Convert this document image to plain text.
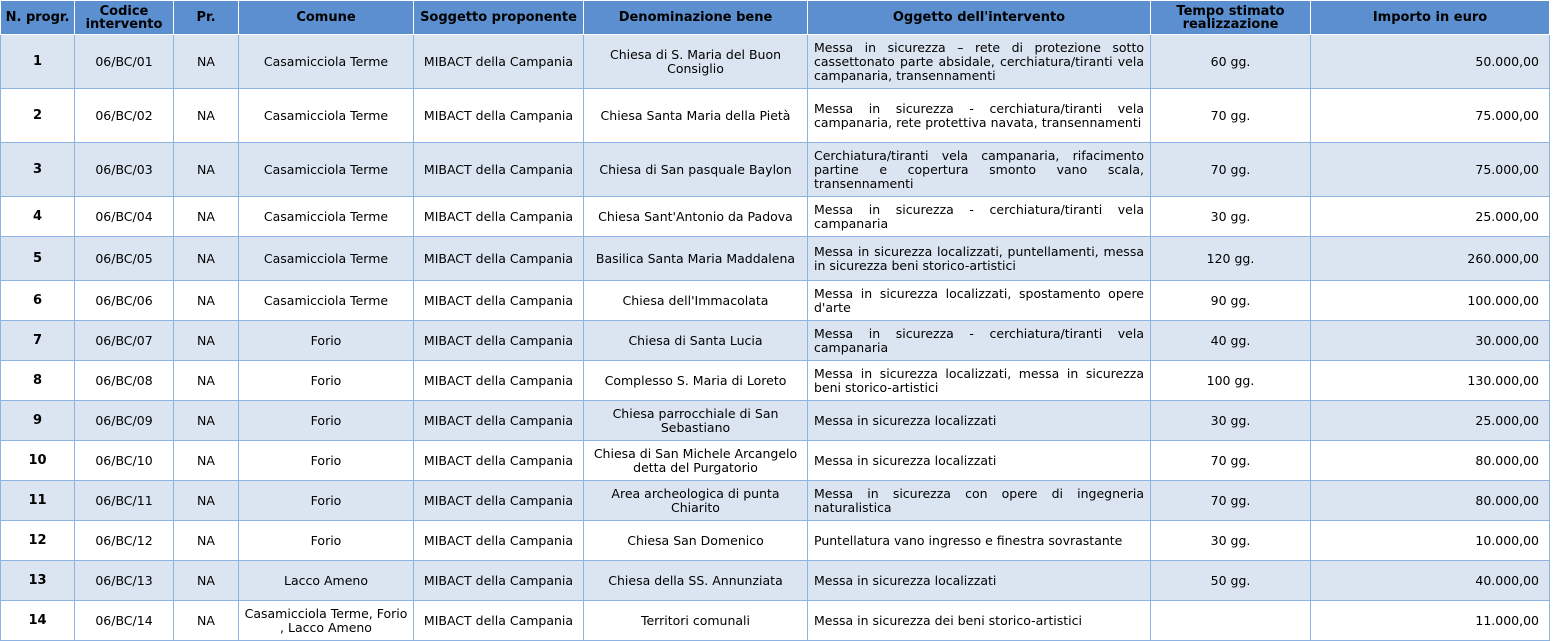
N. progr.	Codice intervento	Pr.	Comune	Soggetto proponente	Denominazione bene	Oggetto dell'intervento	Tempo stimato realizzazione	Importo in euro
1	06/BC/01	NA	Casamicciola Terme	MIBACT della Campania	Chiesa di S. Maria del Buon Consiglio	Messa in sicurezza – rete di protezione sotto cassettonato parte absidale, cerchiatura/tiranti vela campanaria, transennamenti	60 gg.	50.000,00
2	06/BC/02	NA	Casamicciola Terme	MIBACT della Campania	Chiesa Santa Maria della Pietà	Messa in sicurezza - cerchiatura/tiranti vela campanaria, rete protettiva navata, transennamenti	70 gg.	75.000,00
3	06/BC/03	NA	Casamicciola Terme	MIBACT della Campania	Chiesa di San pasquale Baylon	Cerchiatura/tiranti vela campanaria, rifacimento partine e copertura smonto vano scala, transennamenti	70 gg.	75.000,00
4	06/BC/04	NA	Casamicciola Terme	MIBACT della Campania	Chiesa Sant'Antonio da Padova	Messa in sicurezza - cerchiatura/tiranti vela campanaria	30 gg.	25.000,00
5	06/BC/05	NA	Casamicciola Terme	MIBACT della Campania	Basilica Santa Maria Maddalena	Messa in sicurezza localizzati, puntellamenti, messa in sicurezza beni storico-artistici	120 gg.	260.000,00
6	06/BC/06	NA	Casamicciola Terme	MIBACT della Campania	Chiesa dell'Immacolata	Messa in sicurezza localizzati, spostamento opere d'arte	90 gg.	100.000,00
7	06/BC/07	NA	Forio	MIBACT della Campania	Chiesa di Santa Lucia	Messa in sicurezza - cerchiatura/tiranti vela campanaria	40 gg.	30.000,00
8	06/BC/08	NA	Forio	MIBACT della Campania	Complesso S. Maria di Loreto	Messa in sicurezza localizzati, messa in sicurezza beni storico-artistici	100 gg.	130.000,00
9	06/BC/09	NA	Forio	MIBACT della Campania	Chiesa parrocchiale di San Sebastiano	Messa in sicurezza localizzati	30 gg.	25.000,00
10	06/BC/10	NA	Forio	MIBACT della Campania	Chiesa di San Michele Arcangelo detta del Purgatorio	Messa in sicurezza localizzati	70 gg.	80.000,00
11	06/BC/11	NA	Forio	MIBACT della Campania	Area archeologica di punta Chiarito	Messa in sicurezza con opere di ingegneria naturalistica	70 gg.	80.000,00
12	06/BC/12	NA	Forio	MIBACT della Campania	Chiesa San Domenico	Puntellatura vano ingresso e finestra sovrastante	30 gg.	10.000,00
13	06/BC/13	NA	Lacco Ameno	MIBACT della Campania	Chiesa della SS. Annunziata	Messa in sicurezza localizzati	50 gg.	40.000,00
14	06/BC/14	NA	Casamicciola Terme, Forio , Lacco Ameno	MIBACT della Campania	Territori comunali	Messa in sicurezza dei beni storico-artistici		11.000,00
